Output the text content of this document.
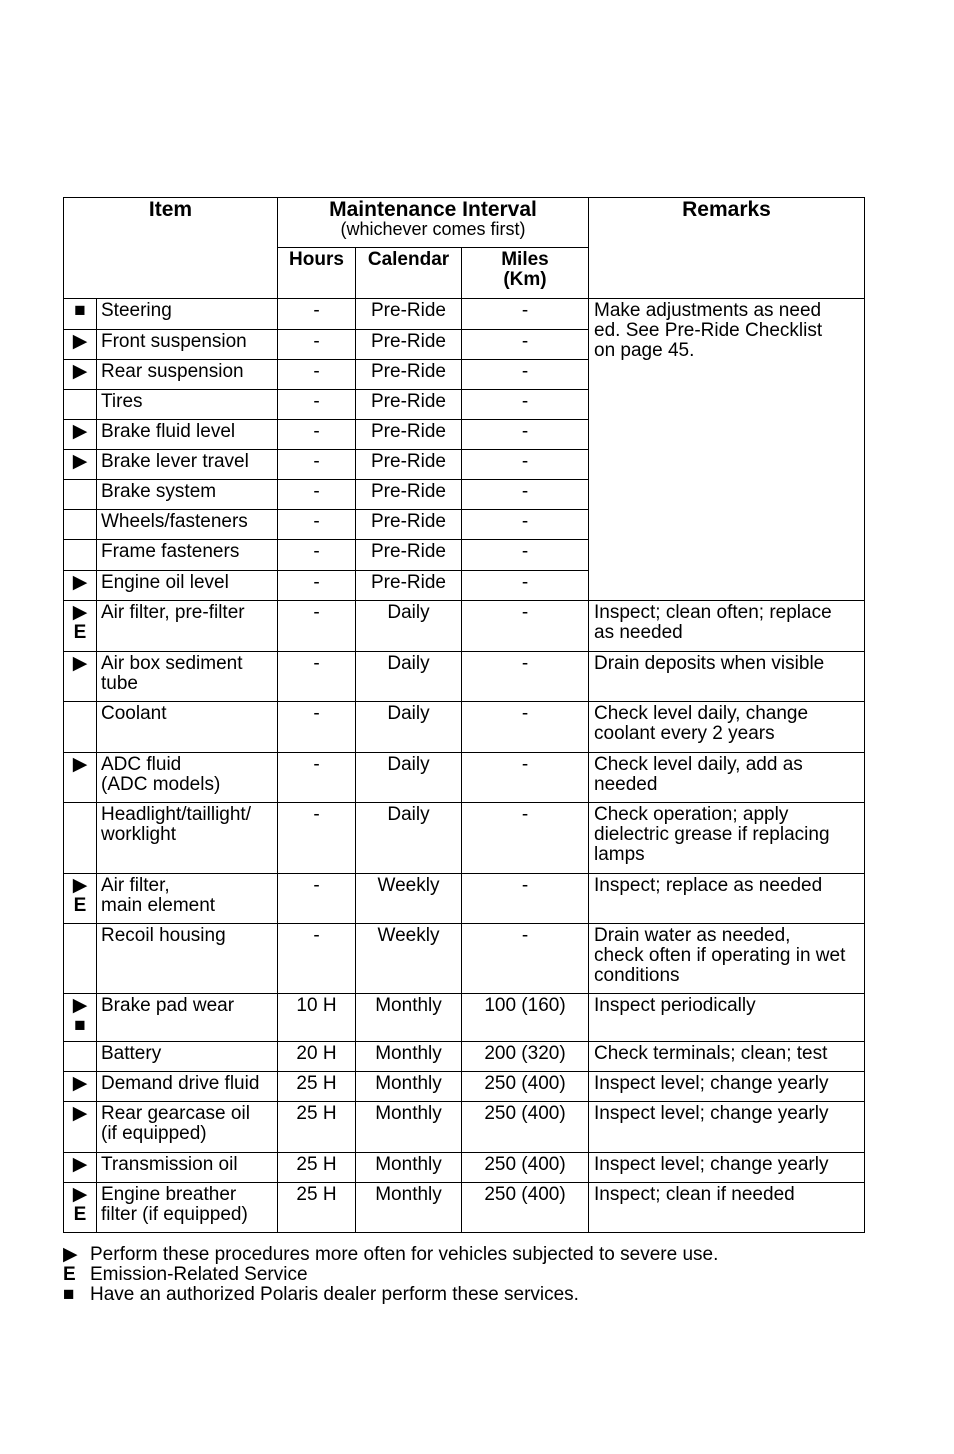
Item		Maintenance Interval
(whichever comes first)			Remarks

		Hours	Calendar	Miles
(Km)	

■	Steering	-	Pre-Ride	-	Make adjustments as need
ed. See Pre-Ride Checklist
on page 45.

▶	Front suspension	-	Pre-Ride	-	

▶	Rear suspension	-	Pre-Ride	-	
	Tires	-	Pre-Ride	-	

▶	Brake fluid level	-	Pre-Ride	-	

▶	Brake lever travel	-	Pre-Ride	-	
	Brake system	-	Pre-Ride	-	
	Wheels/fasteners	-	Pre-Ride	-	
	Frame fasteners	-	Pre-Ride	-	

▶	Engine oil level	-	Pre-Ride	-	

▶
E	Air filter, pre-filter	-	Daily	-	Inspect; clean often; replace
as needed

▶	Air box sediment
tube	-	Daily	-	Drain deposits when visible
	Coolant	-	Daily	-	Check level daily, change
coolant every 2 years

▶	ADC fluid
(ADC models)	-	Daily	-	Check level daily, add as
needed
	Headlight/taillight/
worklight	-	Daily	-	Check operation; apply
dielectric grease if replacing
lamps

▶
E	Air filter,
main element	-	Weekly	-	Inspect; replace as needed
	Recoil housing	-	Weekly	-	Drain water as needed,
check often if operating in wet
conditions

▶
■	Brake pad wear	10 H	Monthly	100 (160)	Inspect periodically
	Battery	20 H	Monthly	200 (320)	Check terminals; clean; test

▶	Demand drive fluid	25 H	Monthly	250 (400)	Inspect level; change yearly

▶	Rear gearcase oil
(if equipped)	25 H	Monthly	250 (400)	Inspect level; change yearly

▶	Transmission oil	25 H	Monthly	250 (400)	Inspect level; change yearly

▶
E	Engine breather
filter (if equipped)	25 H	Monthly	250 (400)	Inspect; clean if needed
▶ Perform these procedures more often for vehicles subjected to severe use.
E Emission-Related Service
■ Have an authorized Polaris dealer perform these services.
